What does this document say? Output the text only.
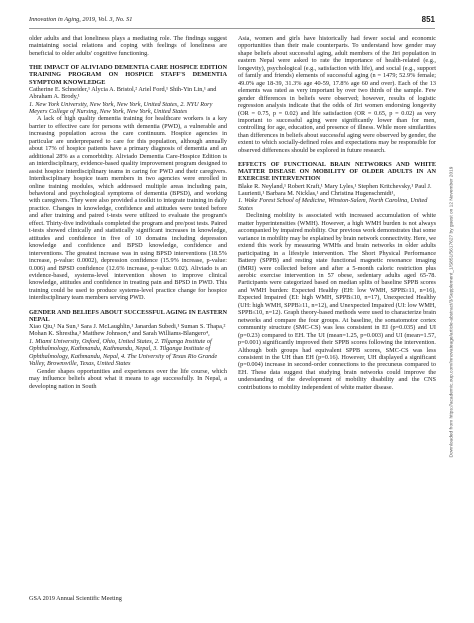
Innovation in Aging, 2019, Vol. 3, No. S1	851

older adults and that loneliness plays a mediating role. The findings suggest maintaining social relations and coping with feelings of loneliness are beneficial to older adults' cognitive functioning.

THE IMPACT OF ALIVIADO DEMENTIA CARE HOSPICE EDITION TRAINING PROGRAM ON HOSPICE STAFF'S DEMENTIA SYMPTOM KNOWLEDGE

Catherine E. Schneider,¹ Alycia A. Bristol,² Ariel Ford,¹ Shih-Yin Lin,¹ and Abraham A. Brody,¹

1. New York University, New York, New York, United States, 2. NYU Rory Meyers College of Nursing, New York, New York, United States

A lack of high quality dementia training for healthcare workers is a key barrier to effective care for persons with dementia (PWD), a vulnerable and increasing population across the care continuum. Hospice agencies in particular are underprepared to care for this population, although annually about 17% of hospice patients have a primary diagnosis of dementia and an additional 28% as a comorbidity. Aliviado Dementia Care-Hospice Edition is an interdisciplinary, evidence-based quality improvement program designed to assist hospice interdisciplinary teams in caring for PWD and their caregivers. Interdisciplinary hospice team members in two agencies were enrolled in online training modules, which addressed multiple areas including pain, behavioral and psychological symptoms of dementia (BPSD), and working with caregivers. They were also provided a toolkit to integrate training in daily practice. Changes in knowledge, confidence and attitudes were tested before and after training and paired t-tests were utilized to evaluate the program's effect. Thirty-five individuals completed the program and pre/post tests. Paired t-tests showed clinically and statistically significant increases in knowledge, attitudes and confidence in five of 10 domains including depression knowledge and confidence and BPSD knowledge, confidence and interventions. The greatest increase was in using BPSD interventions (18.5% increase, p-value: 0.0002), depression confidence (15.9% increase, p-value: 0.006) and BPSD confidence (12.6% increase, p-value: 0.02). Aliviado is an evidence-based, systems-level intervention shown to improve clinical knowledge, attitudes and confidence in treating pain and BPSD in PWD. This training could be used to produce systems-level practice change for hospice interdisciplinary team members serving PWD.

GENDER AND BELIEFS ABOUT SUCCESSFUL AGING IN EASTERN NEPAL

Xiao Qiu,¹ Na Sun,¹ Sara J. McLaughlin,¹ Janardan Subedi,¹ Suman S. Thapa,² Mohan K. Shrestha,³ Matthew Johnson,⁴ and Sarah Williams-Blangero⁴,

1. Miami University, Oxford, Ohio, United States, 2. Tilganga Institute of Ophthalmology, Kathmandu, Kathmandu, Nepal, 3. Tilganga Institute of Ophthalmology, Kathmandu, Nepal, 4. The University of Texas Rio Grande Valley, Brownsville, Texas, United States

Gender shapes opportunities and experiences over the life course, which may influence beliefs about what it means to age successfully. In Nepal, a developing nation in South

Asia, women and girls have historically had fewer social and economic opportunities than their male counterparts. To understand how gender may shape beliefs about successful aging, adult members of the Jiri population in eastern Nepal were asked to rate the importance of health-related (e.g., longevity), psychological (e.g., satisfaction with life), and social (e.g., support of family and friends) elements of successful aging (n = 1479; 52.9% female; 49.0% age 18-39, 31.3% age 40-59, 17.8% age 60 and over). Each of the 13 elements was rated as very important by over two thirds of the sample. Few gender differences in beliefs were observed; however, results of logistic regression analysis indicate that the odds of Jiri women endorsing longevity (OR = 0.75, p = 0.02) and life satisfaction (OR = 0.65, p = 0.02) as very important to successful aging were significantly lower than for men, controlling for age, education, and presence of illness. While more similarities than differences in beliefs about successful aging were observed by gender, the extent to which socially-defined roles and expectations may be responsible for observed differences should be explored in future research.

EFFECTS OF FUNCTIONAL BRAIN NETWORKS AND WHITE MATTER DISEASE ON MOBILITY OF OLDER ADULTS IN AN EXERCISE INTERVENTION

Blake R. Neyland,¹ Robert Kraft,¹ Mary Lyles,¹ Stephen Kritchevsky,¹ Paul J. Laurienti,¹ Barbara M. Nicklas,¹ and Christina Hugenschmidt¹,

1. Wake Forest School of Medicine, Winston-Salem, North Carolina, United States

Declining mobility is associated with increased accumulation of white matter hyperintensities (WMH). However, a high WMH burden is not always accompanied by impaired mobility. Our previous work demonstrates that some variance in mobility may be explained by brain network connectivity. Here, we extend this work by measuring WMHs and brain networks in older adults participating in a lifestyle intervention. The Short Physical Performance Battery (SPPB) and resting state functional magnetic resonance imaging (fMRI) were collected before and after a 5-month caloric restriction plus aerobic exercise intervention in 57 obese, sedentary adults aged 65-78. Participants were categorized based on median splits of baseline SPPB scores and WMH burden: Expected Healthy (EH: low WMH, SPPB≥11, n=16), Expected Impaired (EI: high WMH, SPPB≤10, n=17), Unexpected Healthy (UH: high WMH, SPPB≥11, n=12), and Unexpected Impaired (UI: low WMH, SPPB≤10, n=12). Graph theory-based methods were used to characterize brain networks and compare the four groups. At baseline, the somatomotor cortex community structure (SMC-CS) was less consistent in EI (p=0.035) and UI (p=0.23) compared to EH. The UI (mean=1.25, p=0.003) and UI (mean=1.57, p=0.001) significantly improved their SPPB scores following the intervention. Although both groups had equivalent SPPB scores, SMC-CS was less consistent in the UH than EH (p=0.16). However, UH displayed a significant (p=0.004) increase in second-order connections to the precuneus compared to EH. These data suggest that studying brain networks could improve the understanding of the development of mobility disability and the CNS contributions to mobility independent of white matter disease.

GSA 2019 Annual Scientific Meeting
Downloaded from https://academic.oup.com/innovateage/article-abstract/3/Supplement_1/S851/5617627 by guest on 12 November 2019
